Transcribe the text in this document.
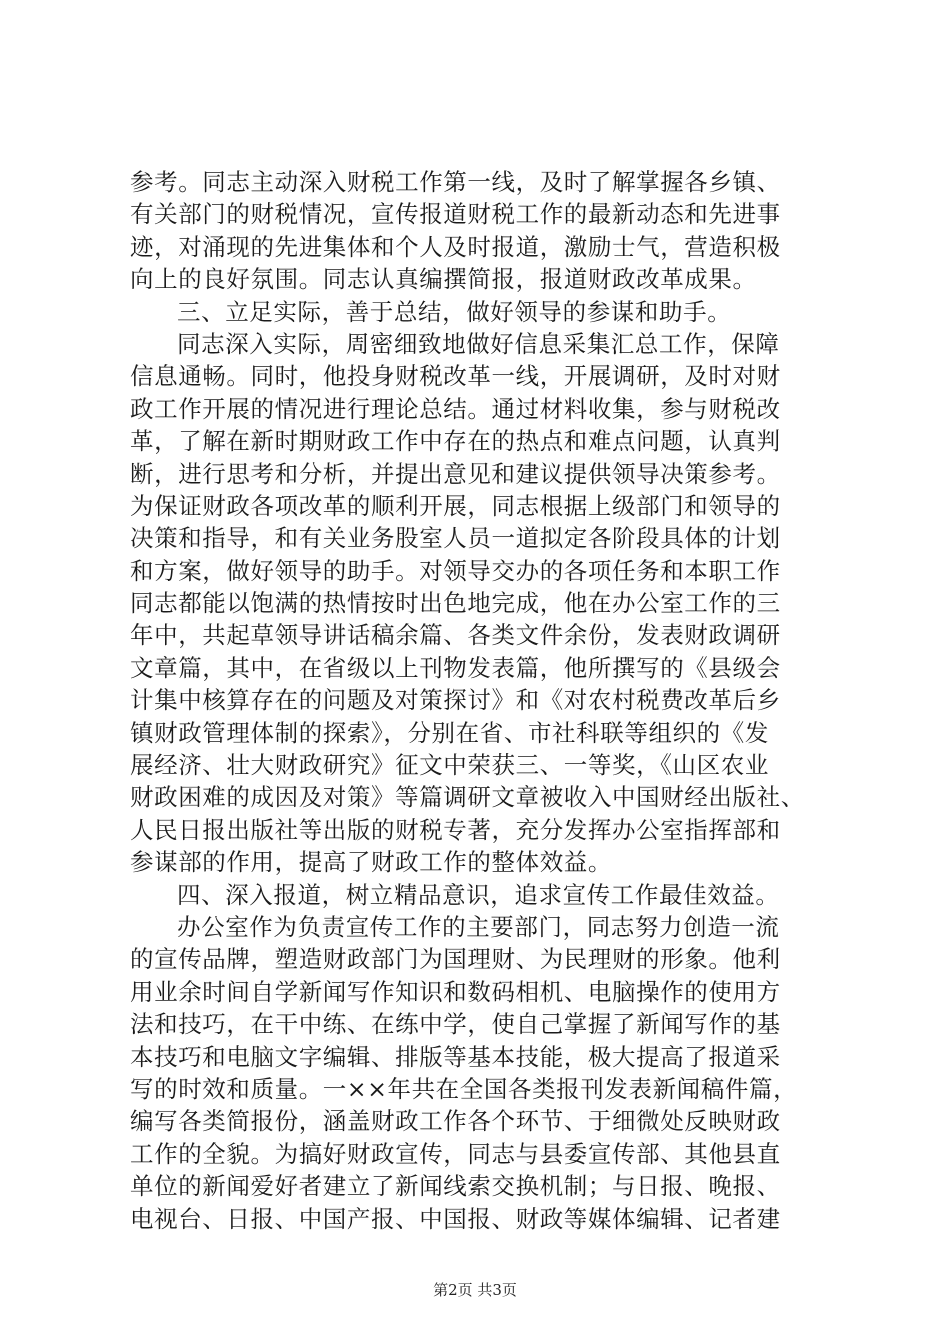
参考。同志主动深入财税工作第一线，及时了解掌握各乡镇、
有关部门的财税情况，宣传报道财税工作的最新动态和先进事
迹，对涌现的先进集体和个人及时报道，激励士气，营造积极
向上的良好氛围。同志认真编撰简报，报道财政改革成果。
三、立足实际，善于总结，做好领导的参谋和助手。
同志深入实际，周密细致地做好信息采集汇总工作，保障
信息通畅。同时，他投身财税改革一线，开展调研，及时对财
政工作开展的情况进行理论总结。通过材料收集，参与财税改
革，了解在新时期财政工作中存在的热点和难点问题，认真判
断，进行思考和分析，并提出意见和建议提供领导决策参考。
为保证财政各项改革的顺利开展，同志根据上级部门和领导的
决策和指导，和有关业务股室人员一道拟定各阶段具体的计划
和方案，做好领导的助手。对领导交办的各项任务和本职工作
同志都能以饱满的热情按时出色地完成，他在办公室工作的三
年中，共起草领导讲话稿余篇、各类文件余份，发表财政调研
文章篇，其中，在省级以上刊物发表篇，他所撰写的《县级会
计集中核算存在的问题及对策探讨》和《对农村税费改革后乡
镇财政管理体制的探索》，分别在省、市社科联等组织的《发
展经济、壮大财政研究》征文中荣获三、一等奖，《山区农业
财政困难的成因及对策》等篇调研文章被收入中国财经出版社、
人民日报出版社等出版的财税专著，充分发挥办公室指挥部和
参谋部的作用，提高了财政工作的整体效益。
四、深入报道，树立精品意识，追求宣传工作最佳效益。
办公室作为负责宣传工作的主要部门，同志努力创造一流
的宣传品牌，塑造财政部门为国理财、为民理财的形象。他利
用业余时间自学新闻写作知识和数码相机、电脑操作的使用方
法和技巧，在干中练、在练中学，使自己掌握了新闻写作的基
本技巧和电脑文字编辑、排版等基本技能，极大提高了报道采
写的时效和质量。一××年共在全国各类报刊发表新闻稿件篇，
编写各类简报份，涵盖财政工作各个环节、于细微处反映财政
工作的全貌。为搞好财政宣传，同志与县委宣传部、其他县直
单位的新闻爱好者建立了新闻线索交换机制；与日报、晚报、
电视台、日报、中国产报、中国报、财政等媒体编辑、记者建
第2页 共3页
